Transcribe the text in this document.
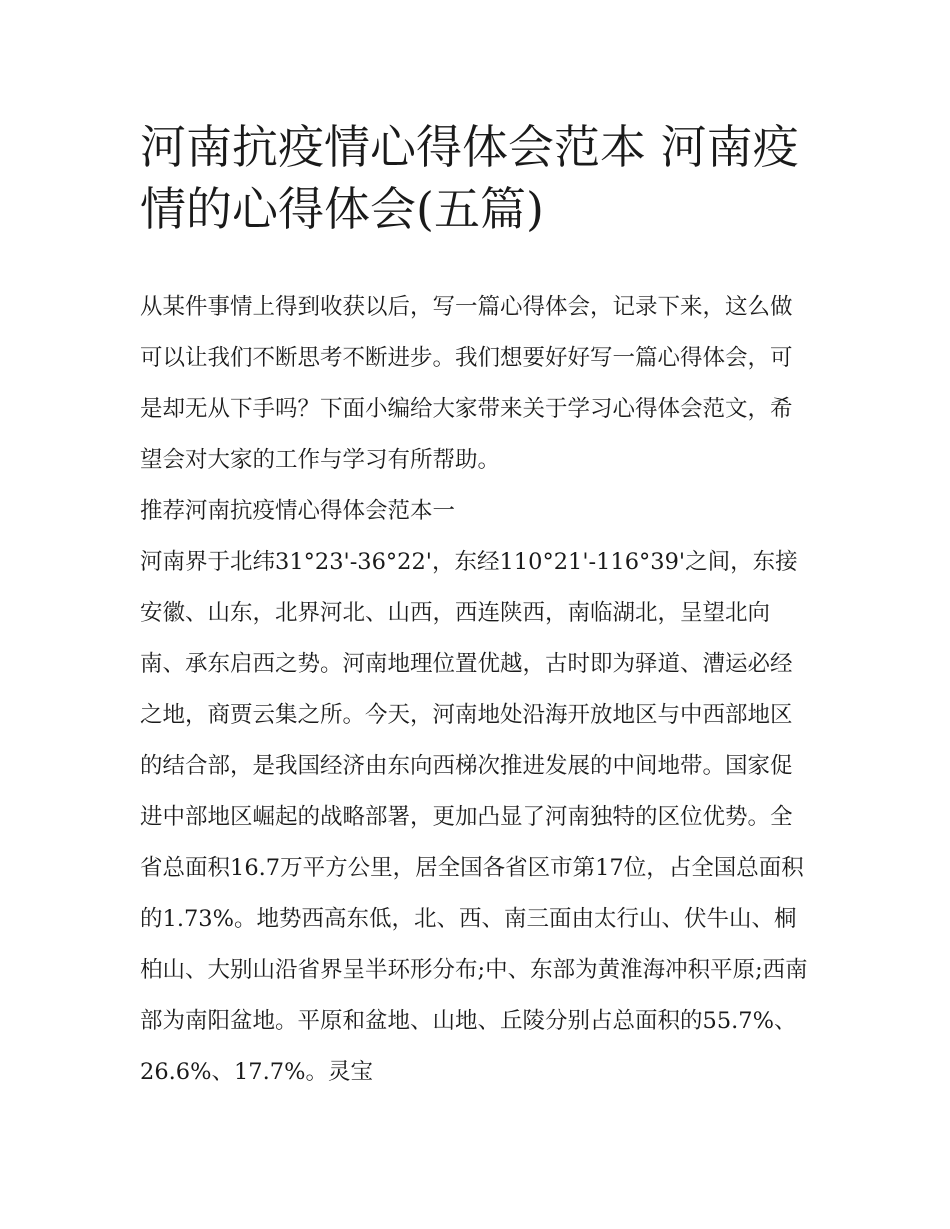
河南抗疫情心得体会范本 河南疫情的心得体会(五篇)

从某件事情上得到收获以后，写一篇心得体会，记录下来，这么做可以让我们不断思考不断进步。我们想要好好写一篇心得体会，可是却无从下手吗？下面小编给大家带来关于学习心得体会范文，希望会对大家的工作与学习有所帮助。

推荐河南抗疫情心得体会范本一

河南界于北纬31°23'-36°22'，东经110°21'-116°39'之间，东接安徽、山东，北界河北、山西，西连陕西，南临湖北，呈望北向南、承东启西之势。河南地理位置优越，古时即为驿道、漕运必经之地，商贾云集之所。今天，河南地处沿海开放地区与中西部地区的结合部，是我国经济由东向西梯次推进发展的中间地带。国家促进中部地区崛起的战略部署，更加凸显了河南独特的区位优势。全省总面积16.7万平方公里，居全国各省区市第17位，占全国总面积的1.73%。地势西高东低，北、西、南三面由太行山、伏牛山、桐柏山、大别山沿省界呈半环形分布;中、东部为黄淮海冲积平原;西南部为南阳盆地。平原和盆地、山地、丘陵分别占总面积的55.7%、26.6%、17.7%。灵宝
